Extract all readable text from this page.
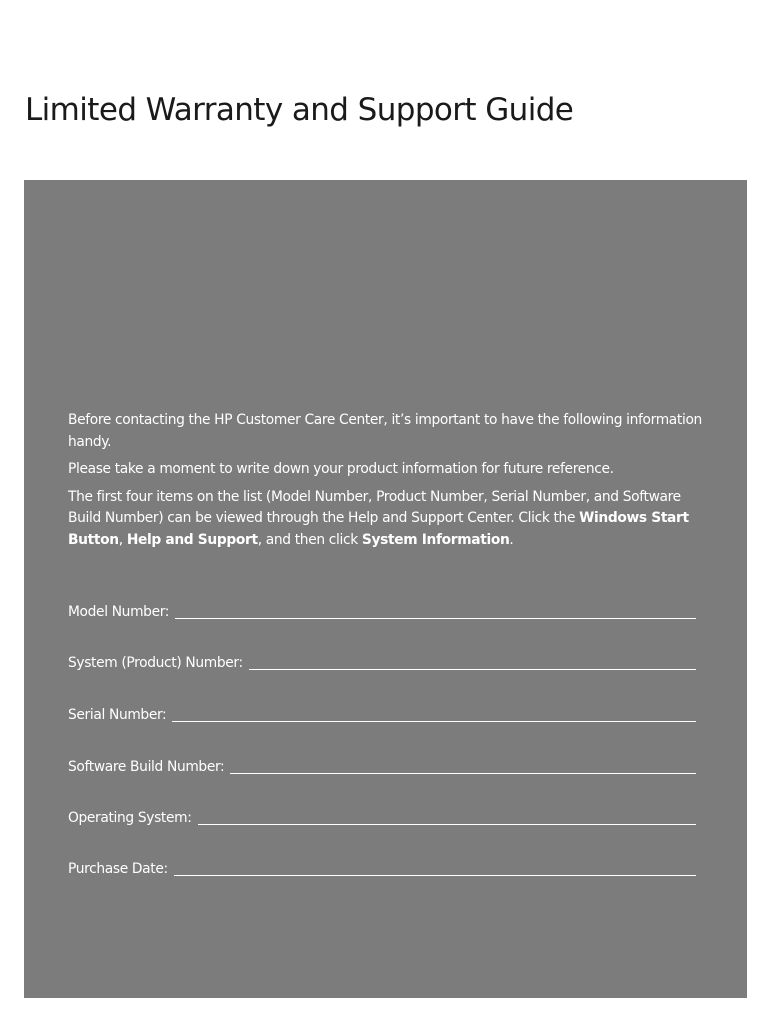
Limited Warranty and Support Guide

Before contacting the HP Customer Care Center, it’s important to have the following information handy.

Please take a moment to write down your product information for future reference.

The first four items on the list (Model Number, Product Number, Serial Number, and Software Build Number) can be viewed through the Help and Support Center. Click the Windows Start Button, Help and Support, and then click System Information.

Model Number:
System (Product) Number:
Serial Number:
Software Build Number:
Operating System:
Purchase Date:
